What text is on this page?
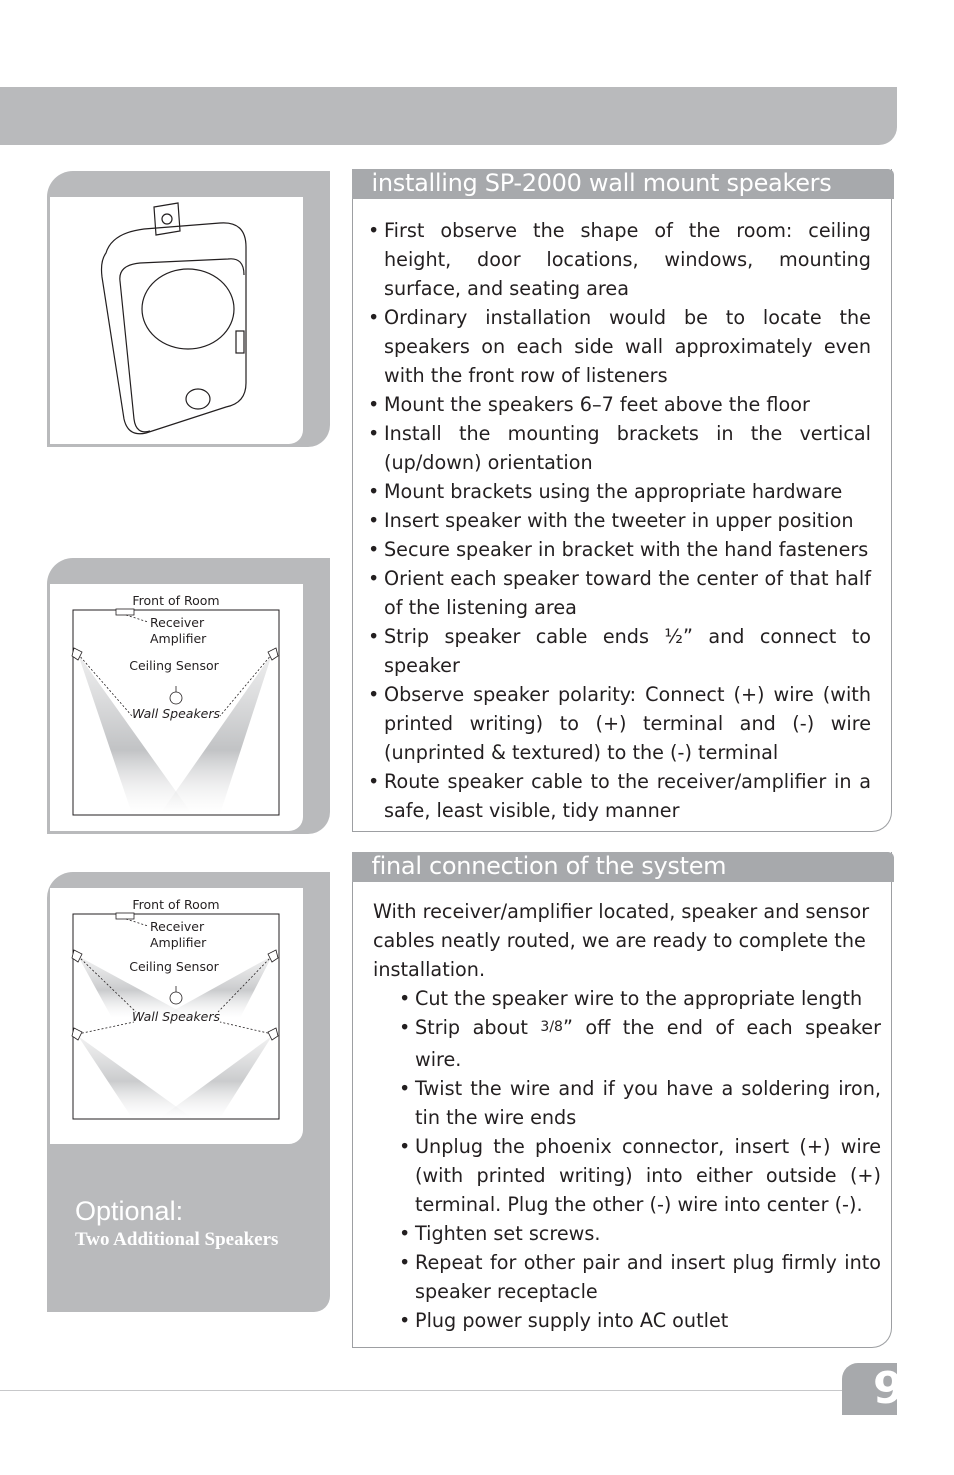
Front of Room
Receiver
Amplifier
Ceiling Sensor
Wall Speakers
Front of Room
Receiver
Amplifier
Ceiling Sensor
Wall Speakers
Optional:
Two Additional Speakers
installing SP-2000 wall mount speakers
• First observe the shape of the room: ceiling height, door locations, windows, mounting surface, and seating area
• Ordinary installation would be to locate the speakers on each side wall approximately even with the front row of listeners
• Mount the speakers 6–7 feet above the floor
• Install the mounting brackets in the vertical (up/down) orientation
• Mount brackets using the appropriate hardware
• Insert speaker with the tweeter in upper position
• Secure speaker in bracket with the hand fasteners
• Orient each speaker toward the center of that half of the listening area
• Strip speaker cable ends ½” and connect to speaker
• Observe speaker polarity: Connect (+) wire (with printed writing) to (+) terminal and (-) wire (unprinted & textured) to the (-) terminal
• Route speaker cable to the receiver/amplifier in a safe, least visible, tidy manner
final connection of the system

With receiver/amplifier located, speaker and sensor cables neatly routed, we are ready to complete the installation.

• Cut the speaker wire to the appropriate length
• Strip about 3/8” off the end of each speaker wire.
• Twist the wire and if you have a soldering iron, tin the wire ends
• Unplug the phoenix connector, insert (+) wire (with printed writing) into either outside (+) terminal. Plug the other (-) wire into center (-).
• Tighten set screws.
• Repeat for other pair and insert plug firmly into speaker receptacle
• Plug power supply into AC outlet
9
